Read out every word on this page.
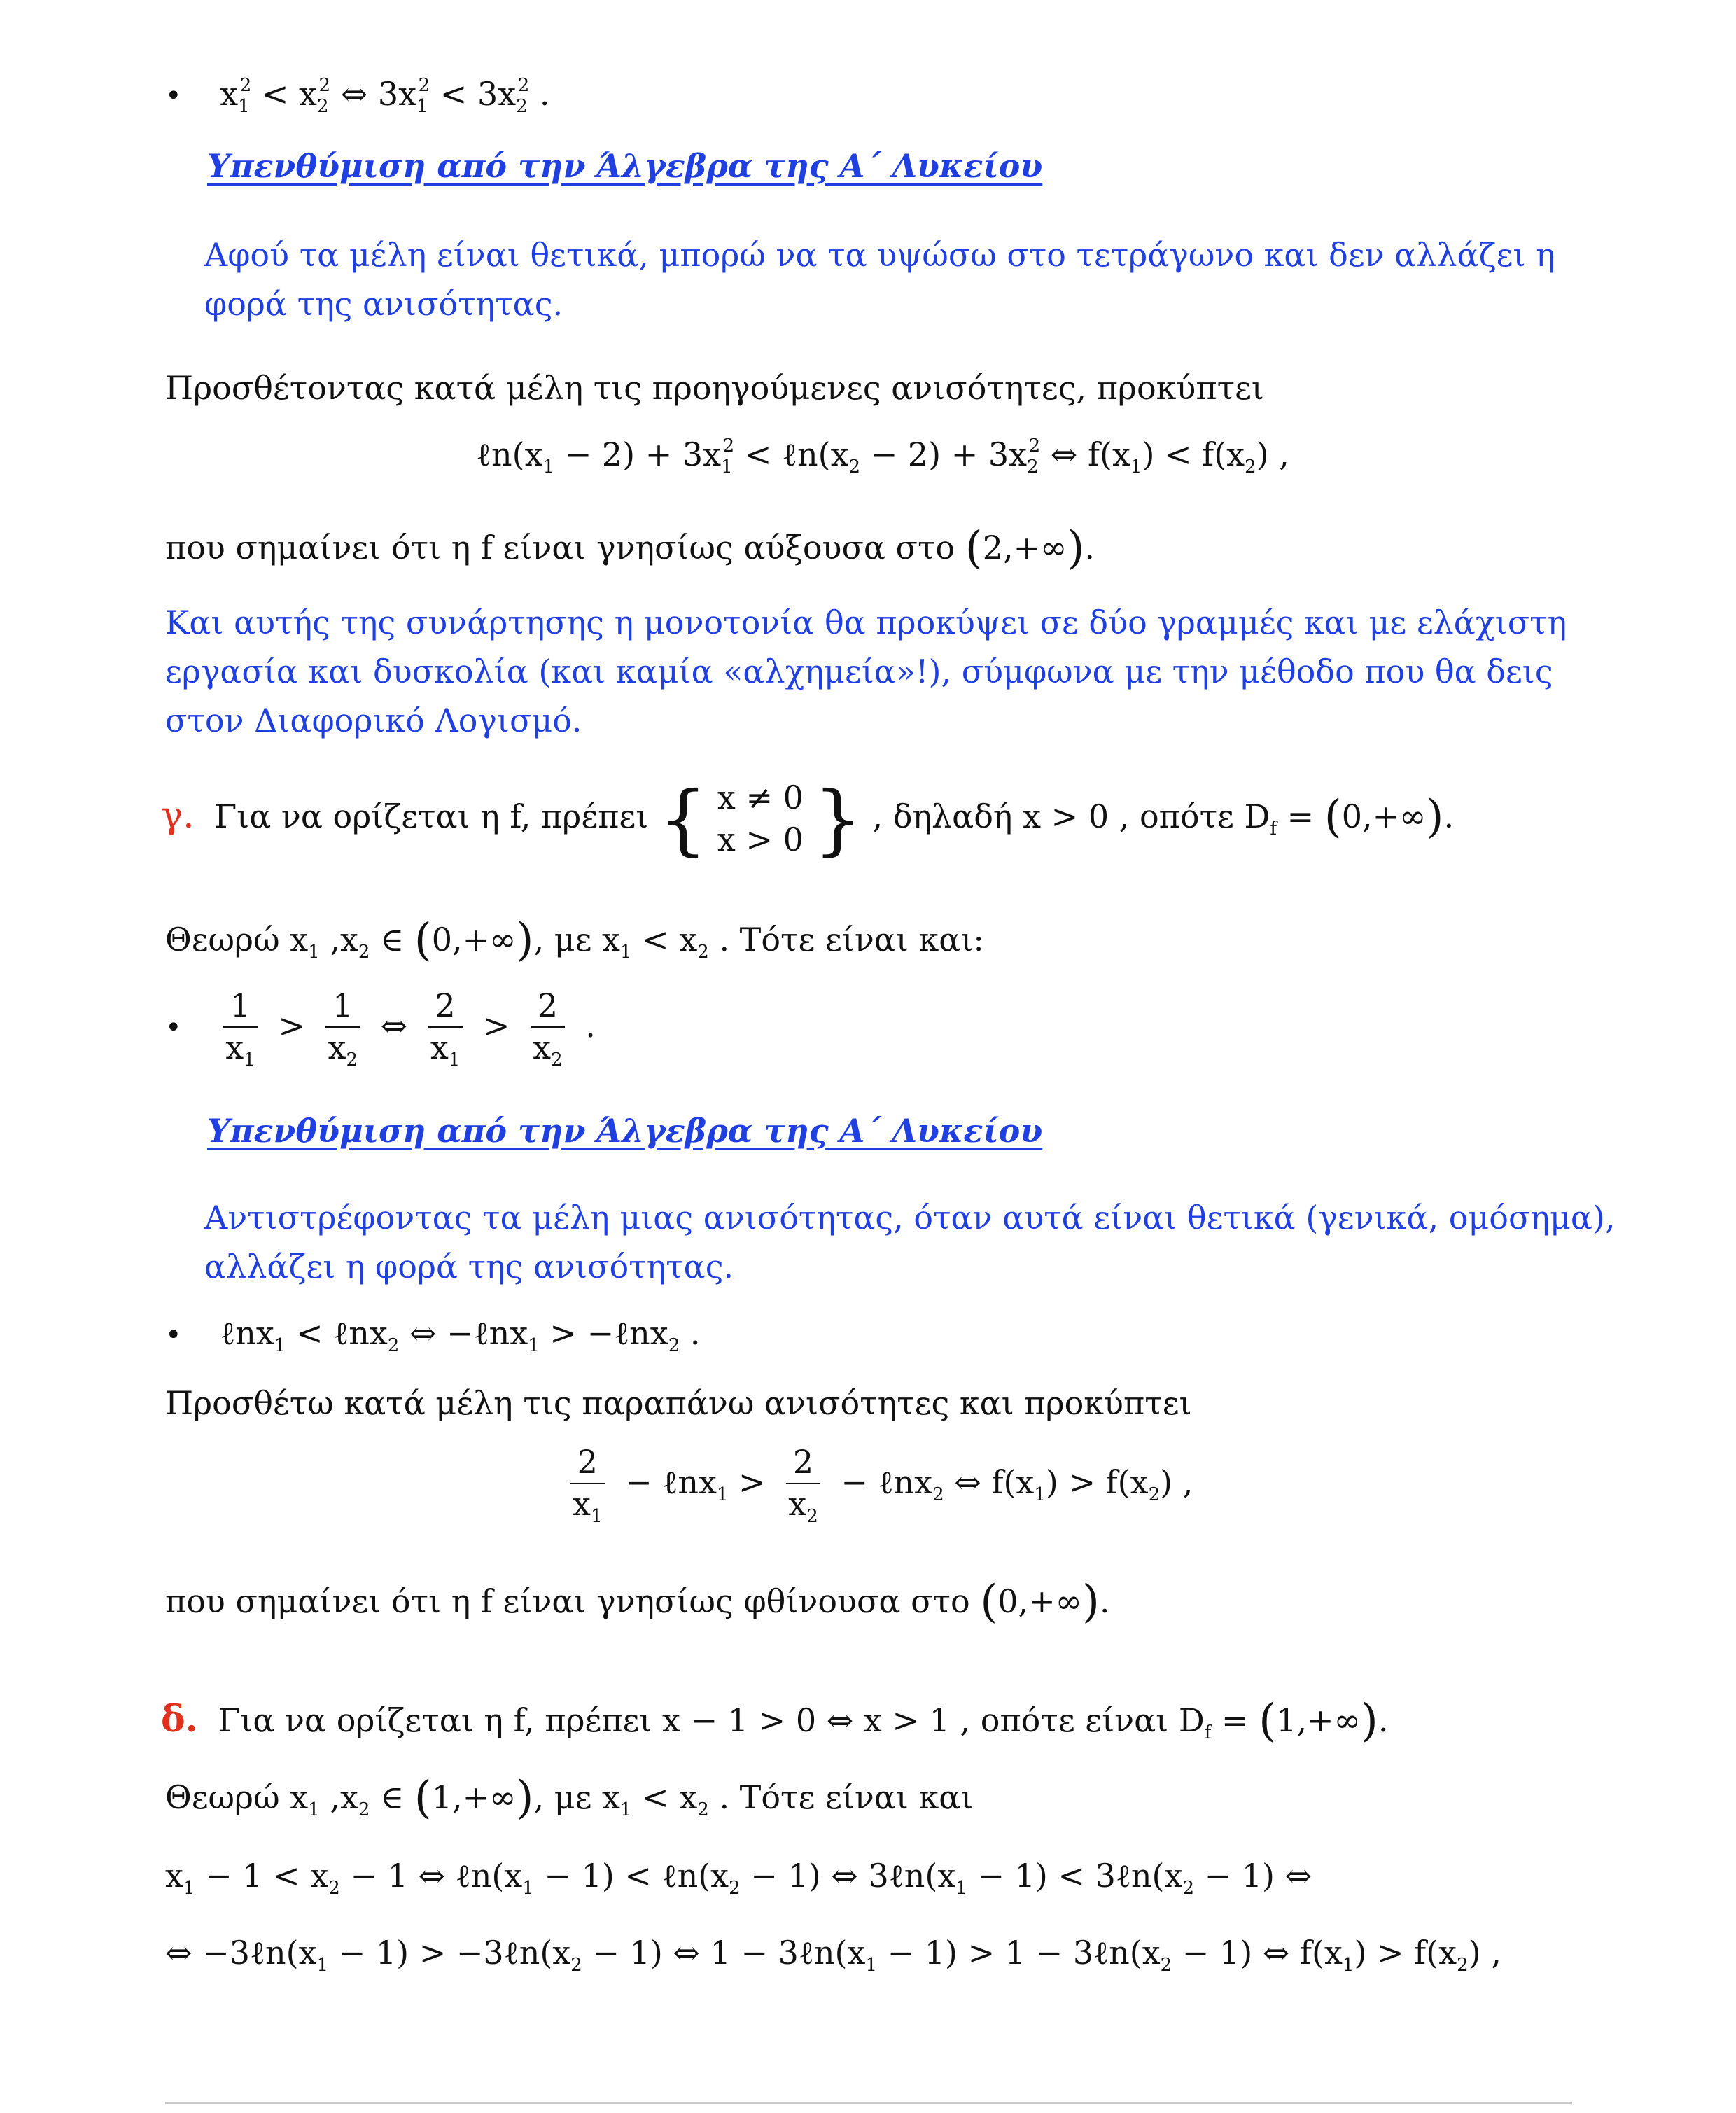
• $x_1^2 < x_2^2$ ⇔ $3x_1^2 < 3x_2^2$ .
Υπενθύμιση από την Άλγεβρα της Α΄ Λυκείου
Αφού τα μέλη είναι θετικά, μπορώ να τα υψώσω στο τετράγωνο και δεν αλλάζει η
φορά της ανισότητας.
Προσθέτοντας κατά μέλη τις προηγούμενες ανισότητες, προκύπτει
$\ell n(x_1 - 2) + 3x_1^2$ < $\ell n(x_2 - 2) + 3x_2^2$ ⇔ $f(x_1) < f(x_2)$ ,
που σημαίνει ότι η f είναι γνησίως αύξουσα στο (2,+∞).
Και αυτής της συνάρτησης η μονοτονία θα προκύψει σε δύο γραμμές και με ελάχιστη
εργασία και δυσκολία (και καμία «αλχημεία»!), σύμφωνα με την μέθοδο που θα δεις
στον Διαφορικό Λογισμό.
γ. Για να ορίζεται η f, πρέπει { x ≠ 0
x > 0 } , δηλαδή x > 0 , οπότε $D_f = (0,+\infty)$.
Θεωρώ $x_1$ $,x_2$ ∈ (0,+∞), με $x_1 < x_2$ . Τότε είναι και:
• $\frac{1}{x_1} > \frac{1}{x_2}$ ⇔ $\frac{2}{x_1} > \frac{2}{x_2}$ .
Υπενθύμιση από την Άλγεβρα της Α΄ Λυκείου
Αντιστρέφοντας τα μέλη μιας ανισότητας, όταν αυτά είναι θετικά (γενικά, ομόσημα),
αλλάζει η φορά της ανισότητας.
• ℓnx$_1$ < ℓnx$_2$ ⇔ −ℓnx$_1$ > −ℓnx$_2$ .
Προσθέτω κατά μέλη τις παραπάνω ανισότητες και προκύπτει
$\frac{2}{x_1}$ − ℓnx$_1$ > $\frac{2}{x_2}$ − ℓnx$_2$ ⇔ $f(x_1) > f(x_2)$ ,
που σημαίνει ότι η f είναι γνησίως φθίνουσα στο (0,+∞).
δ. Για να ορίζεται η f, πρέπει x − 1 > 0 ⇔ x > 1 , οπότε είναι $D_f = (1,+\infty)$.
Θεωρώ $x_1$ $,x_2$ ∈ (1,+∞), με $x_1 < x_2$ . Τότε είναι και
$x_1 - 1 < x_2 - 1$ ⇔ $\ell n(x_1 - 1)$ < $\ell n(x_2 - 1)$ ⇔ $3\ell n(x_1 - 1)$ < $3\ell n(x_2 - 1)$ ⇔
⇔ $-3\ell n(x_1 - 1)$ > $-3\ell n(x_2 - 1)$ ⇔ $1 - 3\ell n(x_1 - 1) > 1$ − $3\ell n(x_2 - 1)$ ⇔ $f(x_1) > f(x_2)$ ,
